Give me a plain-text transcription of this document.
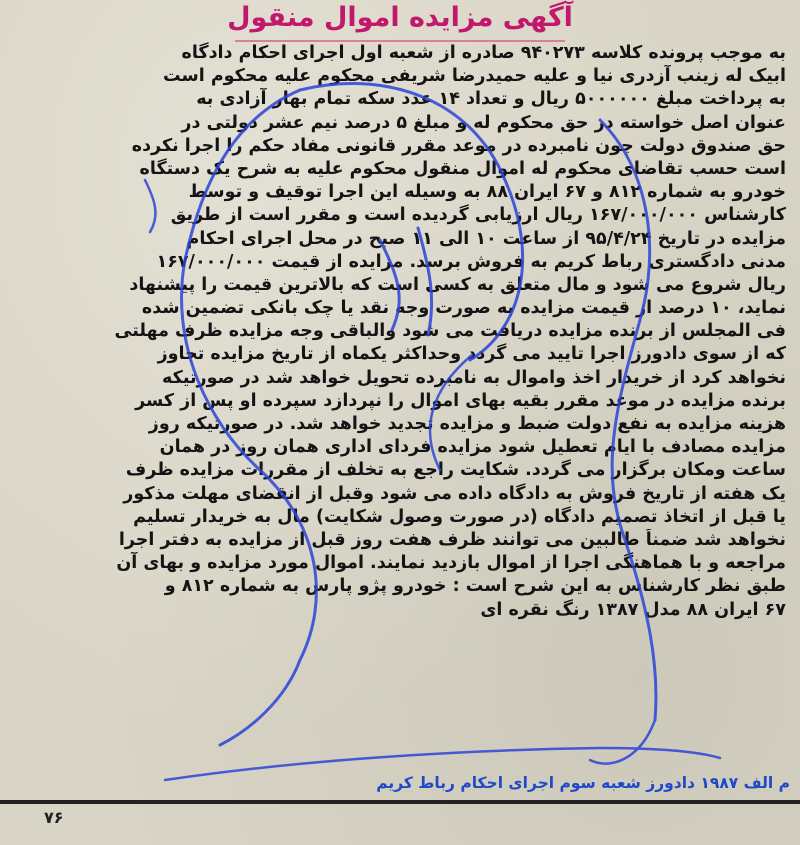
آگهی مزایده اموال منقول
به موجب پرونده کلاسه ۹۴۰۲۷۳ صادره از شعبه اول اجرای احکام دادگاه
ابیک له زینب آزدری نیا و علیه حمیدرضا شریفی محکوم علیه محکوم است
به پرداخت مبلغ ۵۰۰۰۰۰۰ ریال و تعداد ۱۴ عدد سکه تمام بهار آزادی به
عنوان اصل خواسته در حق محکوم له و مبلغ ۵ درصد نیم عشر دولتی در
حق صندوق دولت چون نامبرده در موعد مقرر قانونی مفاد حکم را اجرا نکرده
است حسب تقاضای محکوم له اموال منقول محکوم علیه به شرح یک دستگاه
خودرو به شماره ۸۱۲ و ۶۷ ایران ۸۸ به وسیله این اجرا توقیف و توسط
کارشناس ۱۶۷/۰۰۰/۰۰۰ ریال ارزیابی گردیده است و مقرر است از طریق
مزایده در تاریخ ۹۵/۴/۲۴ از ساعت ۱۰ الی ۱۱ صبح در محل اجرای احکام
مدنی دادگستری رباط کریم به فروش برسد. مزایده از قیمت ۱۶۷/۰۰۰/۰۰۰
ریال شروع می شود و مال متعلق به کسی است که بالاترین قیمت را پیشنهاد
نماید، ۱۰ درصد از قیمت مزایده به صورت وجه نقد یا چک بانکی تضمین شده
فی المجلس از برنده مزایده دریافت می شود والباقی وجه مزایده ظرف مهلتی
که از سوی دادورز اجرا تایید می گردد وحداکثر یکماه از تاریخ مزایده تجاوز
نخواهد کرد از خریدار اخذ واموال به نامبرده تحویل خواهد شد در صورتیکه
برنده مزایده در موعد مقرر بقیه بهای اموال را نپردازد سپرده او پس از کسر
هزینه مزایده به نفع دولت ضبط و مزایده تجدید خواهد شد. در صورتیکه روز
مزایده مصادف با ایام تعطیل شود مزایده فردای اداری همان روز در همان
ساعت ومکان برگزار می گردد. شکایت راجع به تخلف از مقررات مزایده ظرف
یک هفته از تاریخ فروش به دادگاه داده می شود وقبل از انقضای مهلت مذکور
یا قبل از اتخاذ تصمیم دادگاه (در صورت وصول شکایت) مال به خریدار تسلیم
نخواهد شد ضمناً طالبین می توانند ظرف هفت روز قبل از مزایده به دفتر اجرا
مراجعه و با هماهنگی اجرا از اموال بازدید نمایند. اموال مورد مزایده و بهای آن
طبق نظر کارشناس به این شرح است : خودرو پژو پارس به شماره ۸۱۲ و
۶۷ ایران ۸۸ مدل ۱۳۸۷ رنگ نقره ای
م الف ۱۹۸۷ دادورز شعبه سوم اجرای احکام رباط کریم
۷۶
